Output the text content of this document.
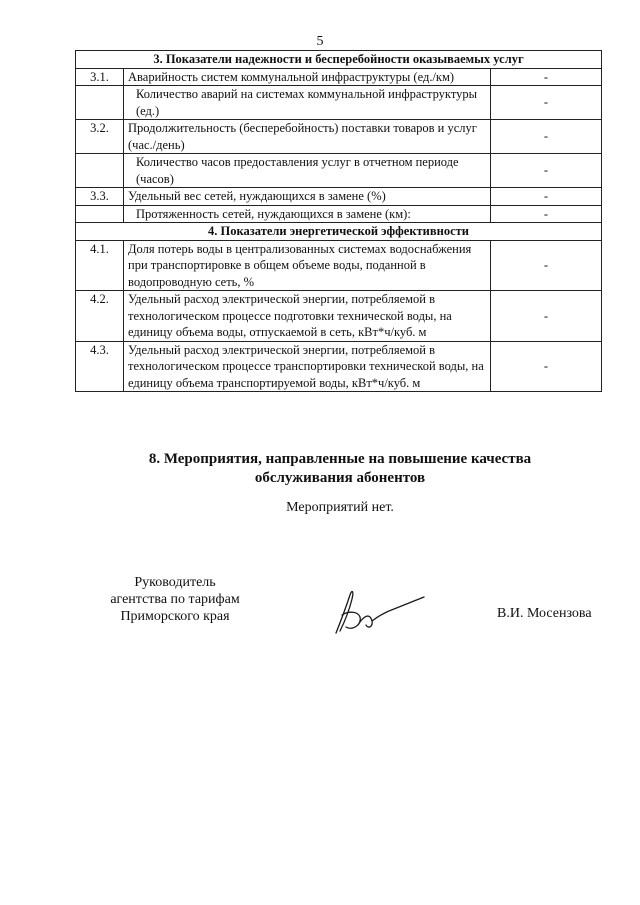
5
3. Показатели надежности и бесперебойности оказываемых услуг		
3.1.	Аварийность систем коммунальной инфраструктуры (ед./км)	-
	Количество аварий на системах коммунальной инфраструктуры (ед.)	-
3.2.	Продолжительность (бесперебойность) поставки товаров и услуг (час./день)	-
	Количество часов предоставления услуг в отчетном периоде (часов)	-
3.3.	Удельный вес сетей, нуждающихся в замене (%)	-
	Протяженность сетей, нуждающихся в замене (км):	-
4. Показатели энергетической эффективности		
4.1.	Доля потерь воды в централизованных системах водоснабжения при транспортировке в общем объеме воды, поданной в водопроводную сеть, %	-
4.2.	Удельный расход электрической энергии, потребляемой в технологическом процессе подготовки технической воды, на единицу объема воды, отпускаемой в сеть, кВт*ч/куб. м	-
4.3.	Удельный расход электрической энергии, потребляемой в технологическом процессе транспортировки технической воды, на единицу объема транспортируемой воды, кВт*ч/куб. м	-
8. Мероприятия, направленные на повышение качества
обслуживания абонентов
Мероприятий нет.
Руководитель
агентства по тарифам
Приморского края	В.И. Мосензова
